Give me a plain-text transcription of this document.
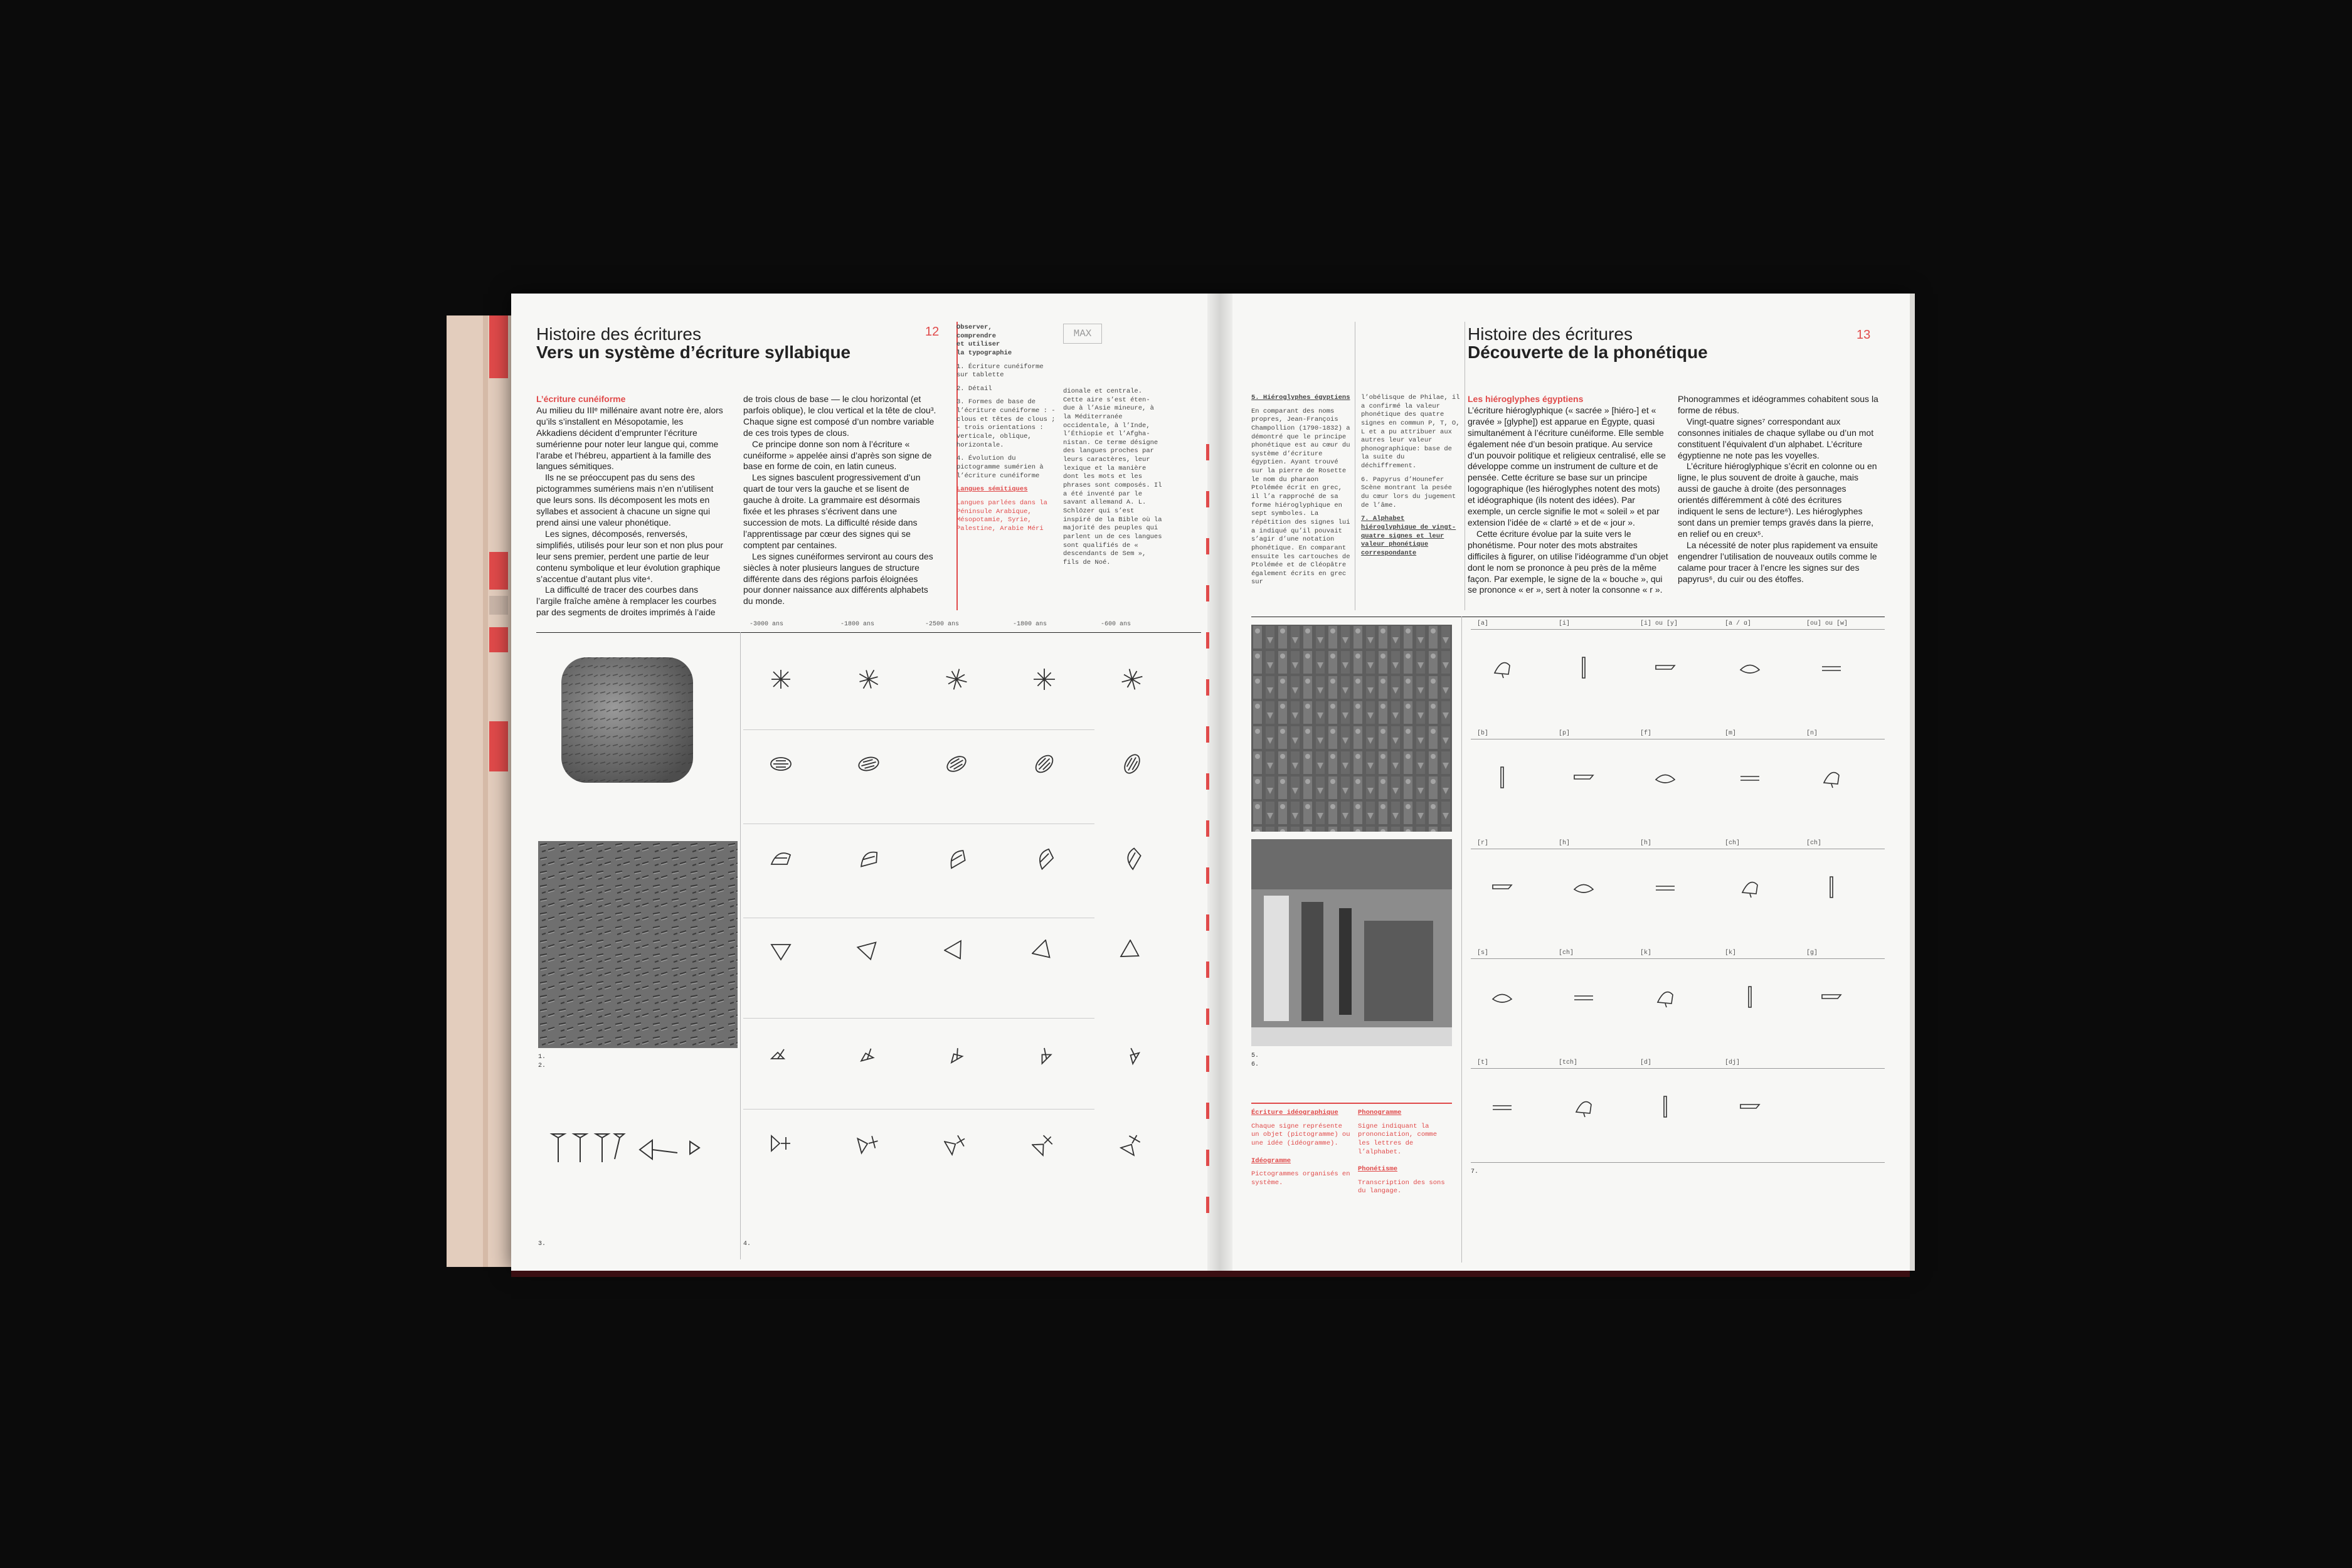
Histoire des écritures
Vers un système d’écriture syllabique
12
L’écriture cunéiforme

Au milieu du IIIᵉ millénaire avant notre ère, alors qu’ils s’installent en Mésopotamie, les Akkadiens décident d’emprunter l’écriture sumérienne pour noter leur langue qui, comme l’arabe et l’hébreu, appartient à la famille des langues sémitiques.

Ils ne se préoccupent pas du sens des pictogrammes sumériens mais n’en n’utilisent que leurs sons. Ils décomposent les mots en syllabes et associent à chacune un signe qui prend ainsi une valeur phonétique.

Les signes, décomposés, renversés, simplifiés, utilisés pour leur son et non plus pour leur sens premier, perdent une partie de leur contenu symbolique et leur évolution graphique s’accentue d’autant plus vite⁴.

La difficulté de tracer des courbes dans l’argile fraîche amène à remplacer les courbes par des segments de droites imprimés à l’aide

de trois clous de base — le clou horizontal (et parfois oblique), le clou vertical et la tête de clou³. Chaque signe est composé d’un nombre variable de ces trois types de clous.

Ce principe donne son nom à l’écriture « cunéiforme » appelée ainsi d’après son signe de base en forme de coin, en latin cuneus.

Les signes basculent progressivement d’un quart de tour vers la gauche et se lisent de gauche à droite. La grammaire est désormais fixée et les phrases s’écrivent dans une succession de mots. La difficulté réside dans l’apprentissage par cœur des signes qui se comptent par centaines.

Les signes cunéiformes serviront au cours des siècles à noter plusieurs langues de structure différente dans des régions parfois éloignées pour donner naissance aux différents alphabets du monde.

Observer,
comprendre
et utiliser
la typographie

1. Écriture cunéiforme sur tablette

2. Détail

3. Formes de base de l’écriture cunéiforme : - clous et têtes de clous ; - trois orientations : verticale, oblique, horizontale.

4. Évolution du pictogramme sumérien à l’écriture cunéiforme

Langues sémitiques

Langues parlées dans la Péninsule Arabique, Mésopotamie, Syrie, Palestine, Arabie Méri

MAX

dionale et centrale. Cette aire s’est éten- due à l’Asie mineure, à la Méditerranée occidentale, à l’Inde, l’Éthiopie et l’Afgha- nistan. Ce terme désigne des langues proches par leurs caractères, leur lexique et la manière dont les mots et les phrases sont composés. Il a été inventé par le savant allemand A. L. Schlözer qui s’est inspiré de la Bible où la majorité des peuples qui parlent un de ces langues sont qualifiés de « descendants de Sem », fils de Noé.

1.
2.
3.	4.
-3000 ans	-1800 ans	-2500 ans	-1800 ans	-600 ans

5. Hiéroglyphes égyptiens

En comparant des noms propres, Jean-François Champollion (1790-1832) a démontré que le principe phonétique est au cœur du système d’écriture égyptien. Ayant trouvé sur la pierre de Rosette le nom du pharaon Ptolémée écrit en grec, il l’a rapproché de sa forme hiéroglyphique en sept symboles. La répétition des signes lui a indiqué qu’il pouvait s’agir d’une notation phonétique. En comparant ensuite les cartouches de Ptolémée et de Cléopâtre également écrits en grec sur

l’obélisque de Philae, il a confirmé la valeur phonétique des quatre signes en commun P, T, O, L et a pu attribuer aux autres leur valeur phonographique: base de la suite du déchiffrement.

6. Papyrus d’Hounefer Scène montrant la pesée du cœur lors du jugement de l’âme.

7. Alphabet hiéroglyphique de vingt-quatre signes et leur valeur phonétique correspondante

Histoire des écritures
Découverte de la phonétique
13
Les hiéroglyphes égyptiens

L’écriture hiéroglyphique (« sacrée » [hiéro-] et « gravée » [glyphe]) est apparue en Égypte, quasi simultanément à l’écriture cunéiforme. Elle semble également née d’un besoin pratique. Au service d’un pouvoir politique et religieux centralisé, elle se développe comme un instrument de culture et de pensée. Cette écriture se base sur un principe logographique (les hiéroglyphes notent des mots) et idéographique (ils notent des idées). Par exemple, un cercle signifie le mot « soleil » et par extension l’idée de « clarté » et de « jour ».

Cette écriture évolue par la suite vers le phonétisme. Pour noter des mots abstraites difficiles à figurer, on utilise l’idéogramme d’un objet dont le nom se prononce à peu près de la même façon. Par exemple, le signe de la « bouche », qui se prononce « er », sert à noter la consonne « r ».

Phonogrammes et idéogrammes cohabitent sous la forme de rébus.

Vingt-quatre signes⁷ correspondant aux consonnes initiales de chaque syllabe ou d’un mot constituent l’équivalent d’un alphabet. L’écriture égyptienne ne note pas les voyelles.

L’écriture hiéroglyphique s’écrit en colonne ou en ligne, le plus souvent de droite à gauche, mais aussi de gauche à droite (des personnages orientés différemment à côté des écritures indiquent le sens de lecture⁶). Les hiéroglyphes sont dans un premier temps gravés dans la pierre, en relief ou en creux⁵.

La nécessité de noter plus rapidement va ensuite engendrer l’utilisation de nouveaux outils comme le calame pour tracer à l’encre les signes sur des papyrus⁶, du cuir ou des étoffes.

5.
6.
7.

Écriture idéographique

Chaque signe représente un objet (pictogramme) ou une idée (idéogramme).

Idéogramme

Pictogrammes organisés en système.

Phonogramme

Signe indiquant la prononciation, comme les lettres de l’alphabet.

Phonétisme

Transcription des sons du langage.

[a]	[i]	[i] ou [y]	[a / ɑ]	[ou] ou [w]
[b]	[p]	[f]	[m]	[n]
[r]	[h]	[h]	[ch]	[ch]
[s]	[ch]	[k]	[k]	[g]
[t]	[tch]	[d]	[dj]
